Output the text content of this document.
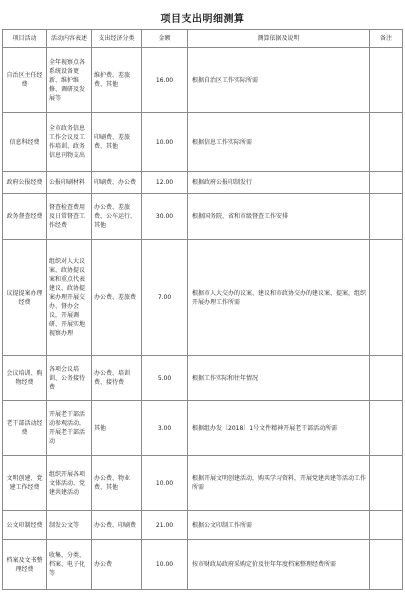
项目支出明细测算
项目活动	活动内容表述	支出经济分类	金额	测算依据及说明	备注
自治区主任经费	全年视察点各系统设备更新、维护维修、调研及发展等	维护费、差旅费、其他	16.00	根据自治区工作实际所需	
信息科经费	全市政务信息工作会议及工作培训、政务信息刊物支出	印刷费、差旅费、其他	10.00	根据信息工作实际所需	
政府公报经费	公报印刷材料	印刷费、办公费	12.00	根据政府公报印制发行	
政务督查经费	督查检查费用及日常督查工作经费	办公费、差旅费、公车运行、其他	30.00	根据国务院、省和市级督查工作安排	
议提提案办理经费	组织对人大议案、政协提议案和重点代表建议、政协提案办理开展交办、督办会议，开展调研、开展实地视察办理	办公费、差旅费	7.00	根据市人大交办的议案、建议和市政协交办的建议案、提案，组织开展办理工作所需	
会议培训、购物经费	各项会议培训、公务接待费	办公费、培训费、接待费	5.00	根据工作实际和往年情况	
老干部活动经费	开展老干部活动参观活动，开展老干部活动	其他	3.00	根据组办发〔2018〕1号文件精神开展老干部活动所需	
文明创建、党建工作经费	组织开展各项文体活动、党建共建活动	办公费、物业费、其他	10.00	根据开展文明创建活动，购买学习资料，开展党建共建等活动工作所需	
公文印制经费	制发公文等	办公费、印刷费	21.00	根据公文印制工作所需	
档案及文书整理经费	收集、分类、档案、电子化等	办公费	10.00	按市财政局政府采购定价及往年年度档案整理经费所需	
